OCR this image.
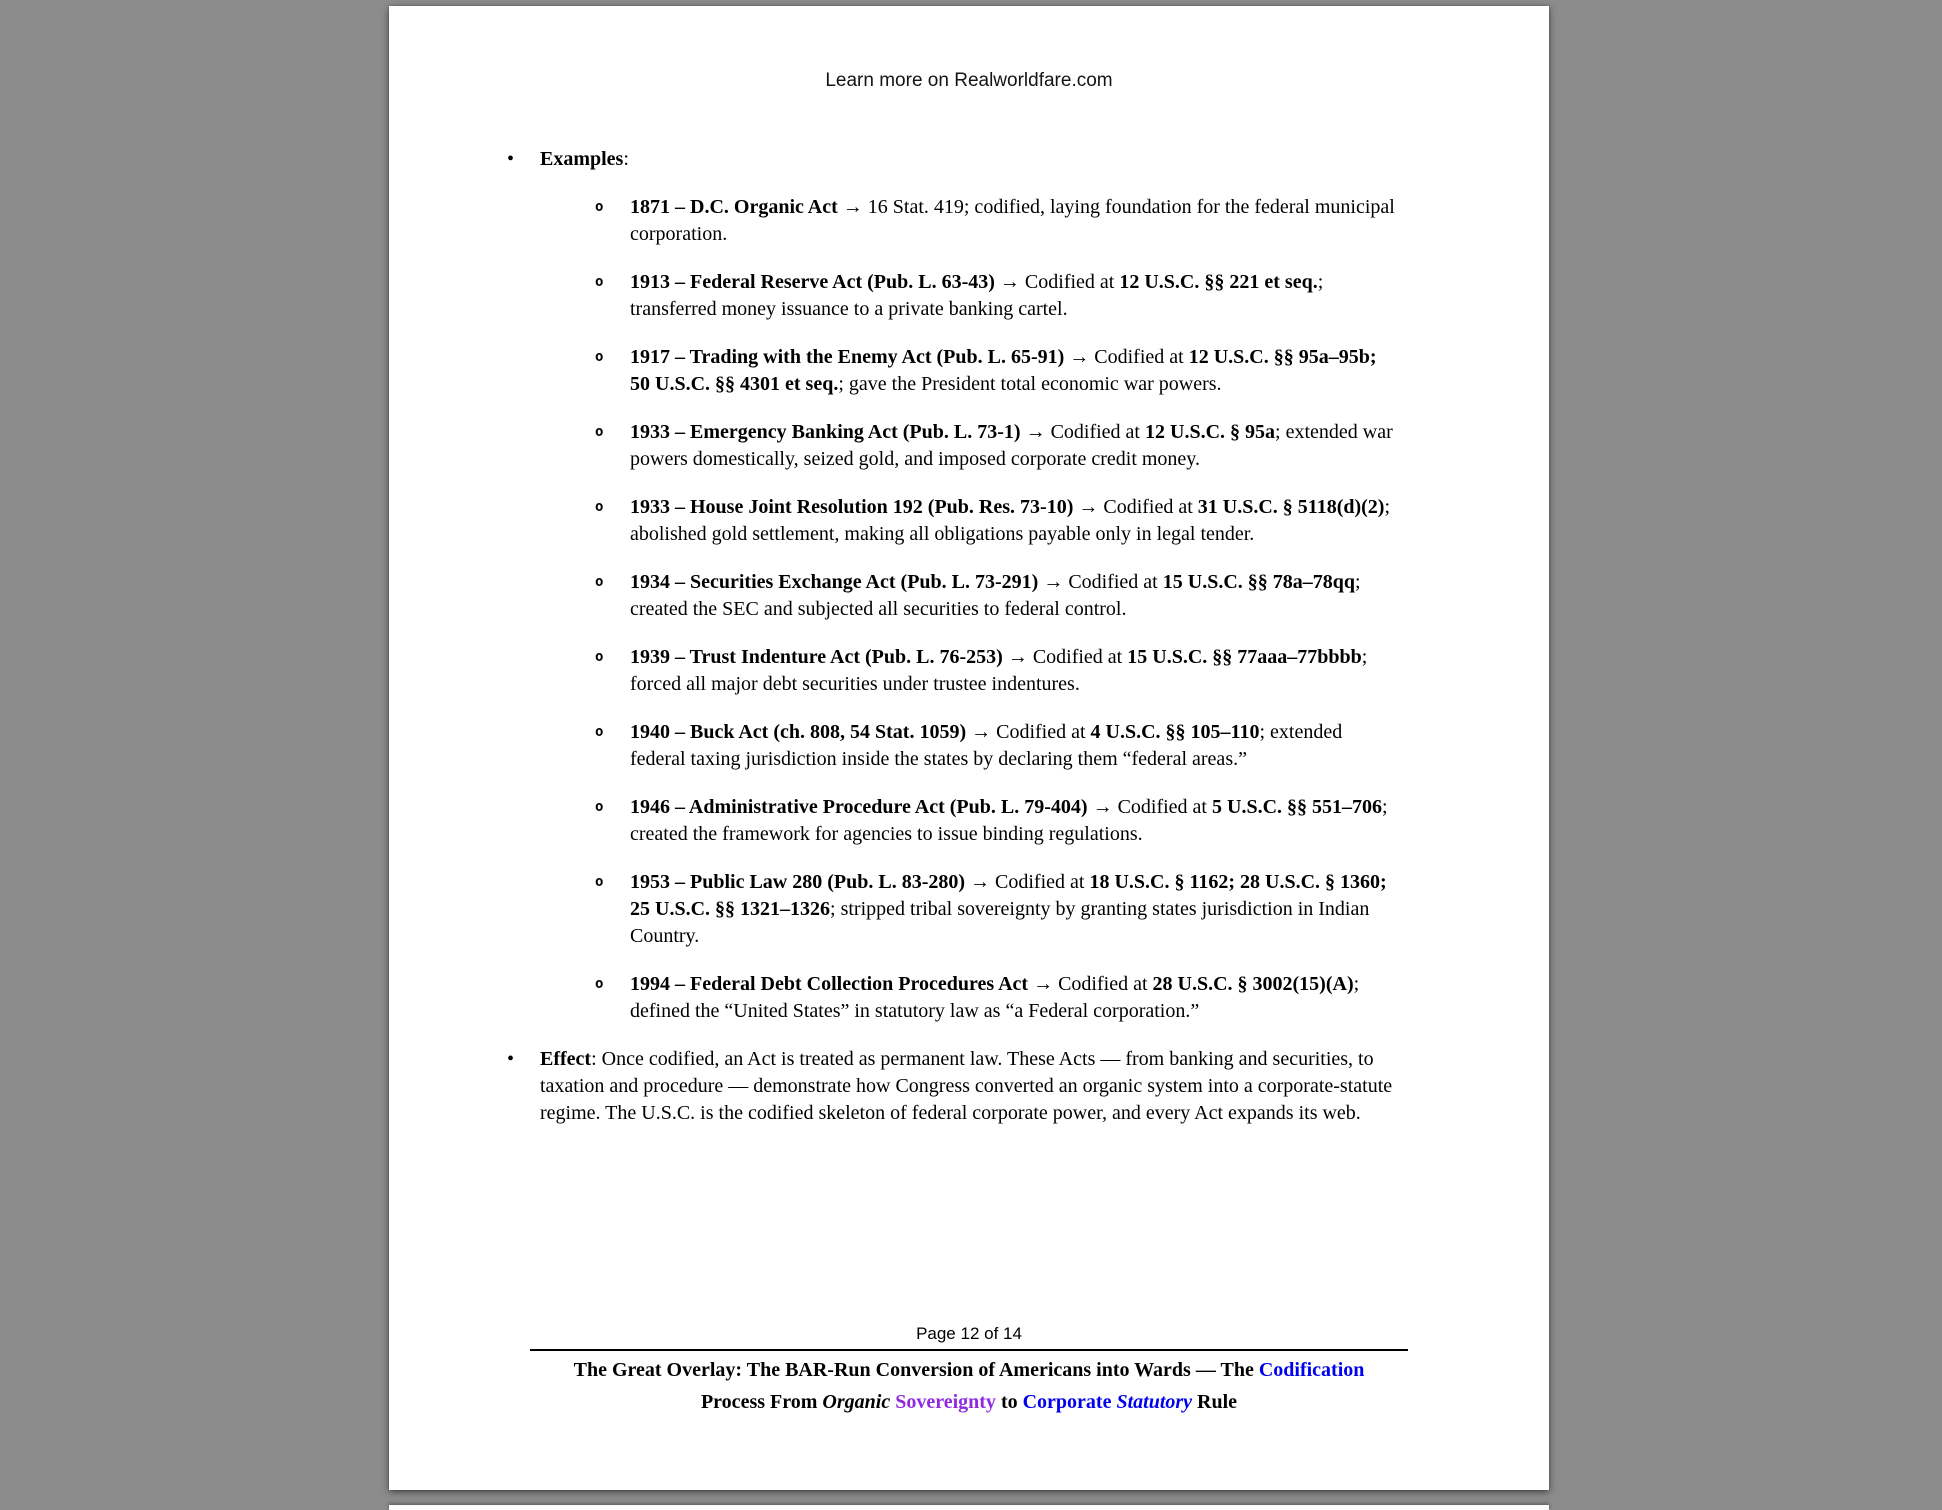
Learn more on Realworldfare.com
•	Examples:
o	1871 – D.C. Organic Act → 16 Stat. 419; codified, laying foundation for the federal municipal corporation.
o	1913 – Federal Reserve Act (Pub. L. 63-43) → Codified at 12 U.S.C. §§ 221 et seq.; transferred money issuance to a private banking cartel.
o	1917 – Trading with the Enemy Act (Pub. L. 65-91) → Codified at 12 U.S.C. §§ 95a–95b; 50 U.S.C. §§ 4301 et seq.; gave the President total economic war powers.
o	1933 – Emergency Banking Act (Pub. L. 73-1) → Codified at 12 U.S.C. § 95a; extended war powers domestically, seized gold, and imposed corporate credit money.
o	1933 – House Joint Resolution 192 (Pub. Res. 73-10) → Codified at 31 U.S.C. § 5118(d)(2); abolished gold settlement, making all obligations payable only in legal tender.
o	1934 – Securities Exchange Act (Pub. L. 73-291) → Codified at 15 U.S.C. §§ 78a–78qq; created the SEC and subjected all securities to federal control.
o	1939 – Trust Indenture Act (Pub. L. 76-253) → Codified at 15 U.S.C. §§ 77aaa–77bbbb; forced all major debt securities under trustee indentures.
o	1940 – Buck Act (ch. 808, 54 Stat. 1059) → Codified at 4 U.S.C. §§ 105–110; extended federal taxing jurisdiction inside the states by declaring them “federal areas.”
o	1946 – Administrative Procedure Act (Pub. L. 79-404) → Codified at 5 U.S.C. §§ 551–706; created the framework for agencies to issue binding regulations.
o	1953 – Public Law 280 (Pub. L. 83-280) → Codified at 18 U.S.C. § 1162; 28 U.S.C. § 1360; 25 U.S.C. §§ 1321–1326; stripped tribal sovereignty by granting states jurisdiction in Indian Country.
o	1994 – Federal Debt Collection Procedures Act → Codified at 28 U.S.C. § 3002(15)(A); defined the “United States” in statutory law as “a Federal corporation.”
•	Effect: Once codified, an Act is treated as permanent law. These Acts — from banking and securities, to taxation and procedure — demonstrate how Congress converted an organic system into a corporate-statute regime. The U.S.C. is the codified skeleton of federal corporate power, and every Act expands its web.
Page 12 of 14
The Great Overlay: The BAR-Run Conversion of Americans into Wards — The Codification
Process From Organic Sovereignty to Corporate Statutory Rule
